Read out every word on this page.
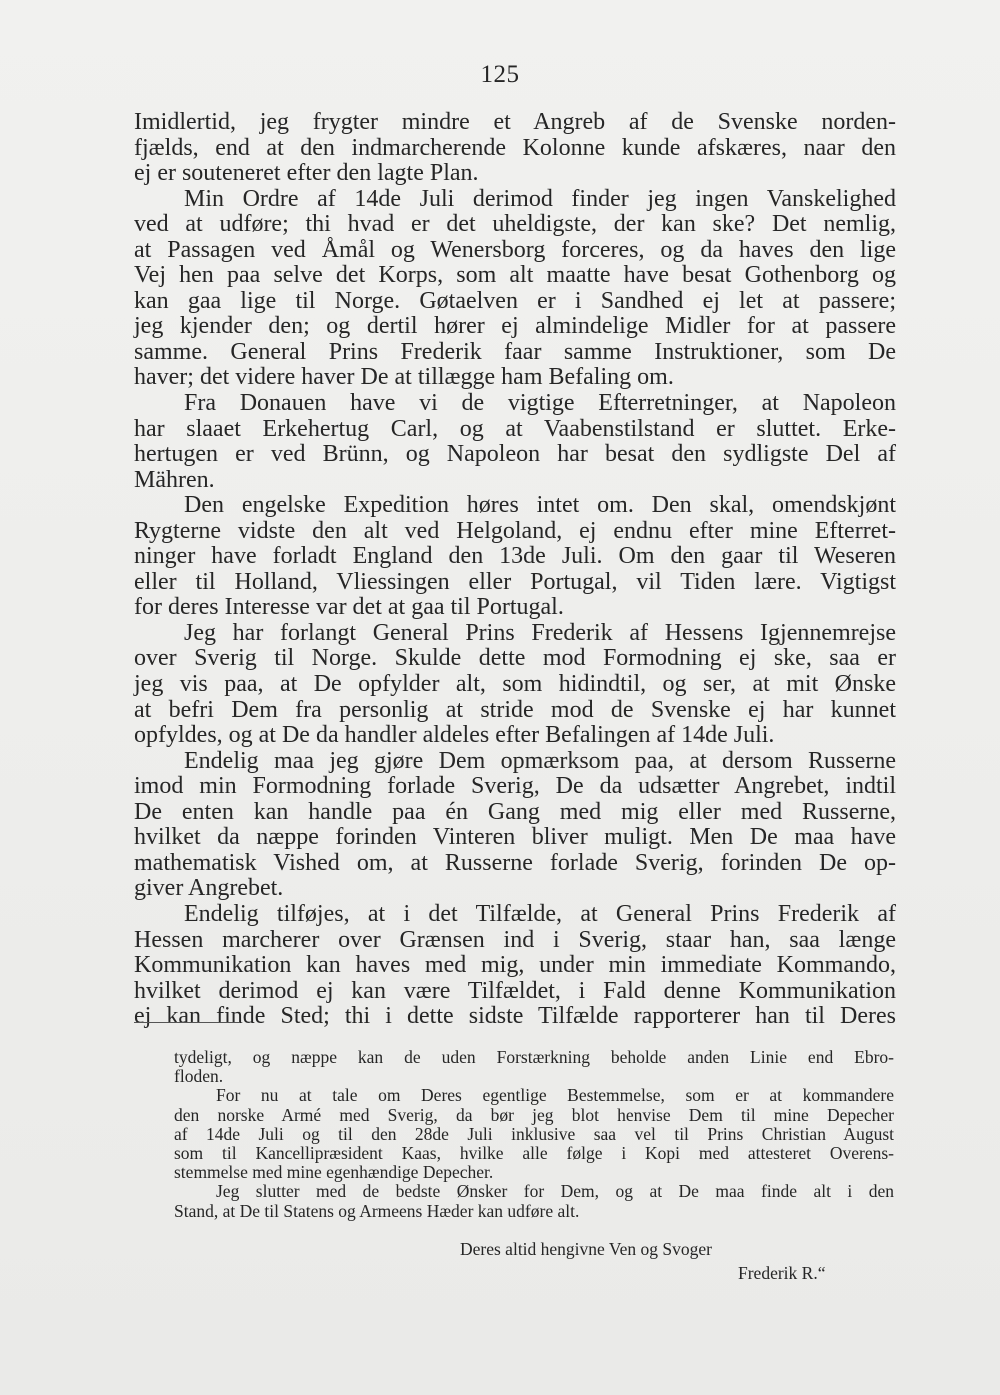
125
Imidlertid, jeg frygter mindre et Angreb af de Svenske norden-
fjælds, end at den indmarcherende Kolonne kunde afskæres, naar den
ej er souteneret efter den lagte Plan.
Min Ordre af 14de Juli derimod finder jeg ingen Vanskelighed
ved at udføre; thi hvad er det uheldigste, der kan ske? Det nemlig,
at Passagen ved Åmål og Wenersborg forceres, og da haves den lige
Vej hen paa selve det Korps, som alt maatte have besat Gothenborg og
kan gaa lige til Norge. Gøtaelven er i Sandhed ej let at passere;
jeg kjender den; og dertil hører ej almindelige Midler for at passere
samme. General Prins Frederik faar samme Instruktioner, som De
haver; det videre haver De at tillægge ham Befaling om.
Fra Donauen have vi de vigtige Efterretninger, at Napoleon
har slaaet Erkehertug Carl, og at Vaabenstilstand er sluttet. Erke-
hertugen er ved Brünn, og Napoleon har besat den sydligste Del af
Mähren.
Den engelske Expedition høres intet om. Den skal, omendskjønt
Rygterne vidste den alt ved Helgoland, ej endnu efter mine Efterret-
ninger have forladt England den 13de Juli. Om den gaar til Weseren
eller til Holland, Vliessingen eller Portugal, vil Tiden lære. Vigtigst
for deres Interesse var det at gaa til Portugal.
Jeg har forlangt General Prins Frederik af Hessens Igjennemrejse
over Sverig til Norge. Skulde dette mod Formodning ej ske, saa er
jeg vis paa, at De opfylder alt, som hidindtil, og ser, at mit Ønske
at befri Dem fra personlig at stride mod de Svenske ej har kunnet
opfyldes, og at De da handler aldeles efter Befalingen af 14de Juli.
Endelig maa jeg gjøre Dem opmærksom paa, at dersom Russerne
imod min Formodning forlade Sverig, De da udsætter Angrebet, indtil
De enten kan handle paa én Gang med mig eller med Russerne,
hvilket da næppe forinden Vinteren bliver muligt. Men De maa have
mathematisk Vished om, at Russerne forlade Sverig, forinden De op-
giver Angrebet.
Endelig tilføjes, at i det Tilfælde, at General Prins Frederik af
Hessen marcherer over Grænsen ind i Sverig, staar han, saa længe
Kommunikation kan haves med mig, under min immediate Kommando,
hvilket derimod ej kan være Tilfældet, i Fald denne Kommunikation
ej kan finde Sted; thi i dette sidste Tilfælde rapporterer han til Deres
tydeligt, og næppe kan de uden Forstærkning beholde anden Linie end Ebro-
floden.
For nu at tale om Deres egentlige Bestemmelse, som er at kommandere
den norske Armé med Sverig, da bør jeg blot henvise Dem til mine Depecher
af 14de Juli og til den 28de Juli inklusive saa vel til Prins Christian August
som til Kancellipræsident Kaas, hvilke alle følge i Kopi med attesteret Overens-
stemmelse med mine egenhændige Depecher.
Jeg slutter med de bedste Ønsker for Dem, og at De maa finde alt i den
Stand, at De til Statens og Armeens Hæder kan udføre alt.
Deres altid hengivne Ven og Svoger
Frederik R.“
